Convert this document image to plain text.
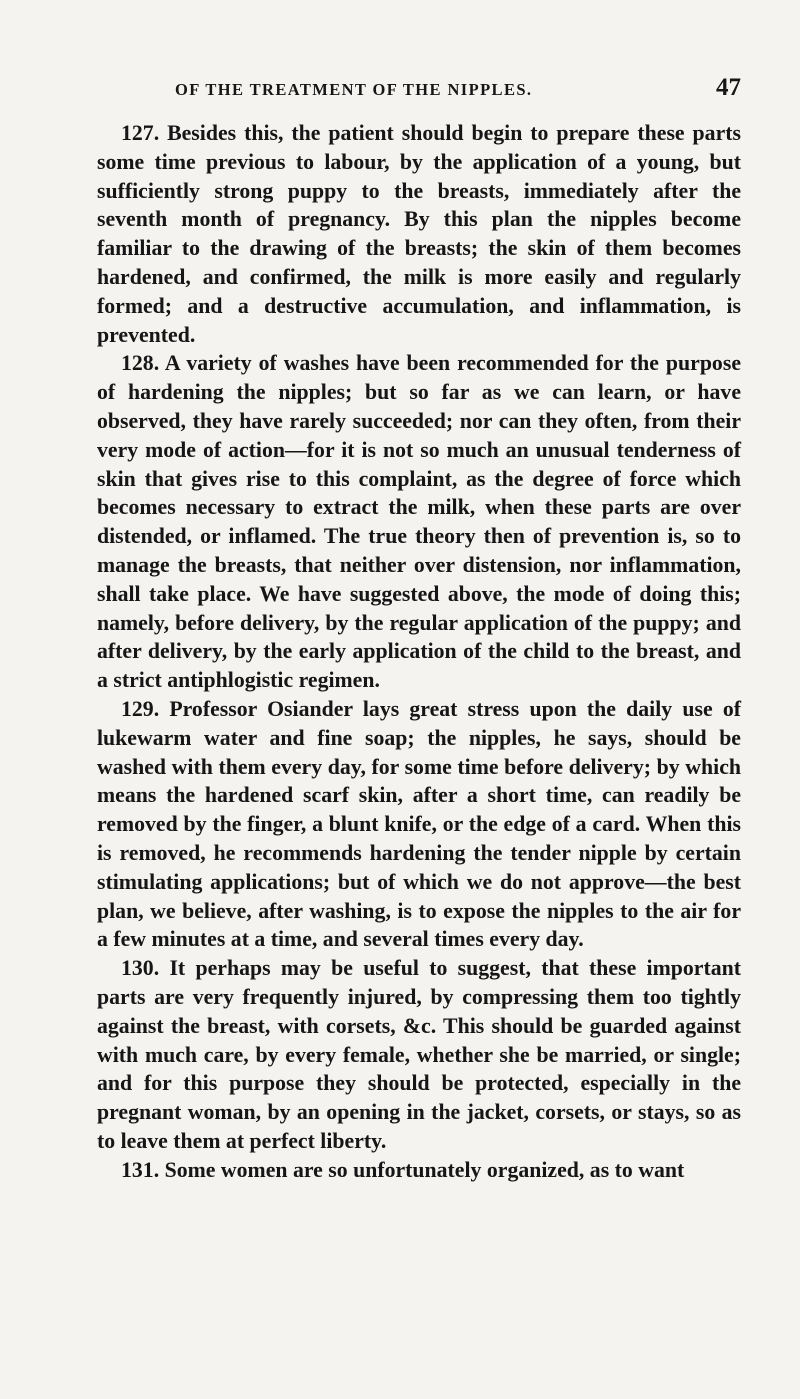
OF THE TREATMENT OF THE NIPPLES.	47

127. Besides this, the patient should begin to prepare these parts some time previous to labour, by the application of a young, but sufficiently strong puppy to the breasts, immediately after the seventh month of pregnancy. By this plan the nipples become familiar to the drawing of the breasts; the skin of them becomes hardened, and confirmed, the milk is more easily and regularly formed; and a destructive accumulation, and inflammation, is prevented.

128. A variety of washes have been recommended for the purpose of hardening the nipples; but so far as we can learn, or have observed, they have rarely succeeded; nor can they often, from their very mode of action—for it is not so much an unusual tenderness of skin that gives rise to this complaint, as the degree of force which becomes necessary to extract the milk, when these parts are over distended, or inflamed. The true theory then of prevention is, so to manage the breasts, that neither over distension, nor inflammation, shall take place. We have suggested above, the mode of doing this; namely, before delivery, by the regular application of the puppy; and after delivery, by the early application of the child to the breast, and a strict antiphlogistic regimen.

129. Professor Osiander lays great stress upon the daily use of lukewarm water and fine soap; the nipples, he says, should be washed with them every day, for some time before delivery; by which means the hardened scarf skin, after a short time, can readily be removed by the finger, a blunt knife, or the edge of a card. When this is removed, he recommends hardening the tender nipple by certain stimulating applications; but of which we do not approve—the best plan, we believe, after washing, is to expose the nipples to the air for a few minutes at a time, and several times every day.

130. It perhaps may be useful to suggest, that these important parts are very frequently injured, by compressing them too tightly against the breast, with corsets, &c. This should be guarded against with much care, by every female, whether she be married, or single; and for this purpose they should be protected, especially in the pregnant woman, by an opening in the jacket, corsets, or stays, so as to leave them at perfect liberty.

131. Some women are so unfortunately organized, as to want
